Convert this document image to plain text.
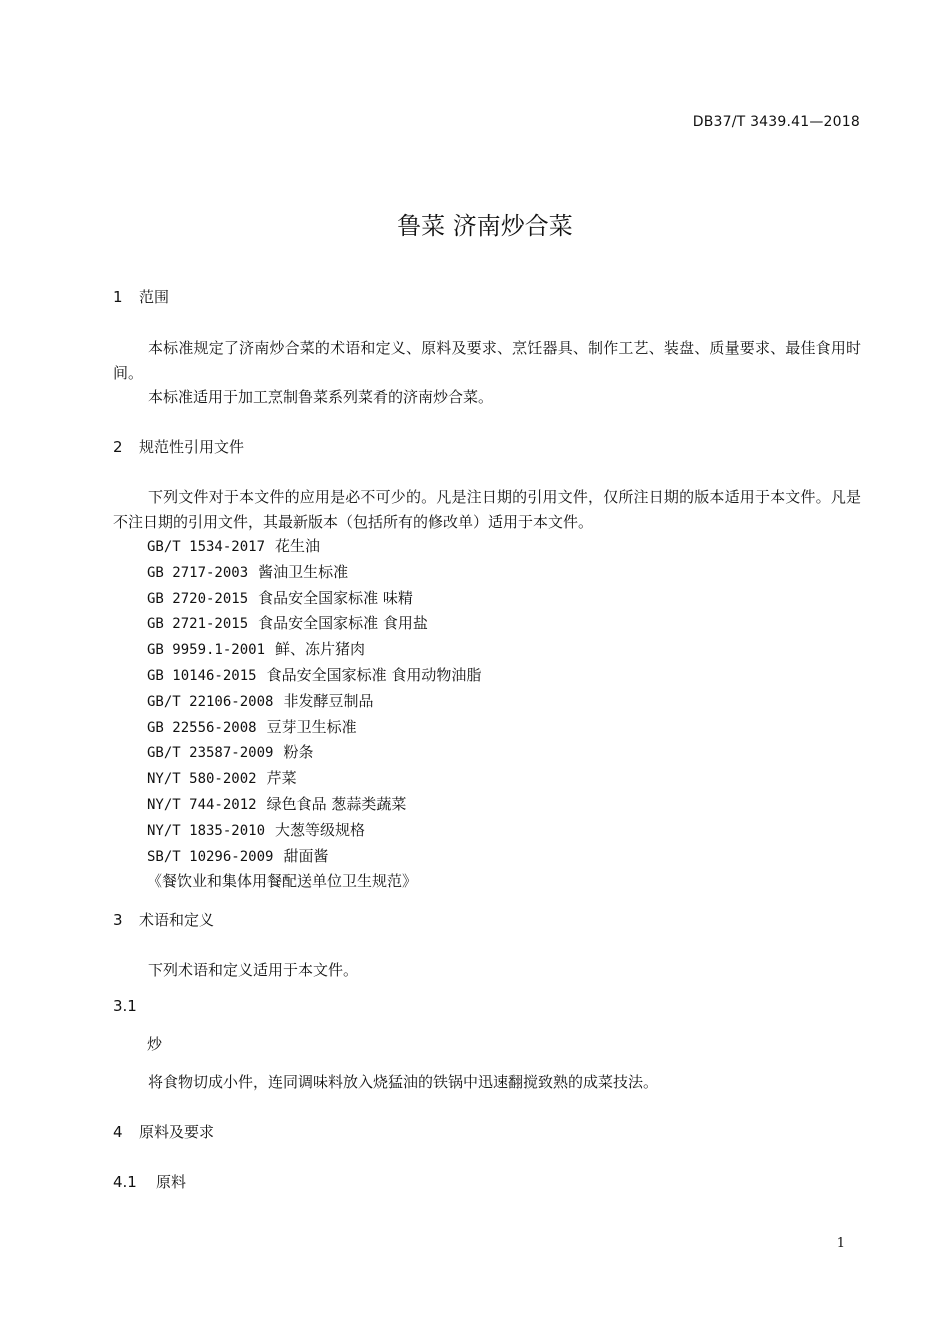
DB37/T 3439.41—2018
鲁菜 济南炒合菜
1 范围

本标准规定了济南炒合菜的术语和定义、原料及要求、烹饪器具、制作工艺、装盘、质量要求、最佳食用时间。

本标准适用于加工烹制鲁菜系列菜肴的济南炒合菜。

2 规范性引用文件

下列文件对于本文件的应用是必不可少的。凡是注日期的引用文件，仅所注日期的版本适用于本文件。凡是不注日期的引用文件，其最新版本（包括所有的修改单）适用于本文件。

GB/T 1534-2017 花生油
GB 2717-2003 酱油卫生标准
GB 2720-2015 食品安全国家标准 味精
GB 2721-2015 食品安全国家标准 食用盐
GB 9959.1-2001 鲜、冻片猪肉
GB 10146-2015 食品安全国家标准 食用动物油脂
GB/T 22106-2008 非发酵豆制品
GB 22556-2008 豆芽卫生标准
GB/T 23587-2009 粉条
NY/T 580-2002 芹菜
NY/T 744-2012 绿色食品 葱蒜类蔬菜
NY/T 1835-2010 大葱等级规格
SB/T 10296-2009 甜面酱
《餐饮业和集体用餐配送单位卫生规范》
3 术语和定义

下列术语和定义适用于本文件。

3.1
炒

将食物切成小件，连同调味料放入烧猛油的铁锅中迅速翻搅致熟的成菜技法。

4 原料及要求
4.1 原料
1
